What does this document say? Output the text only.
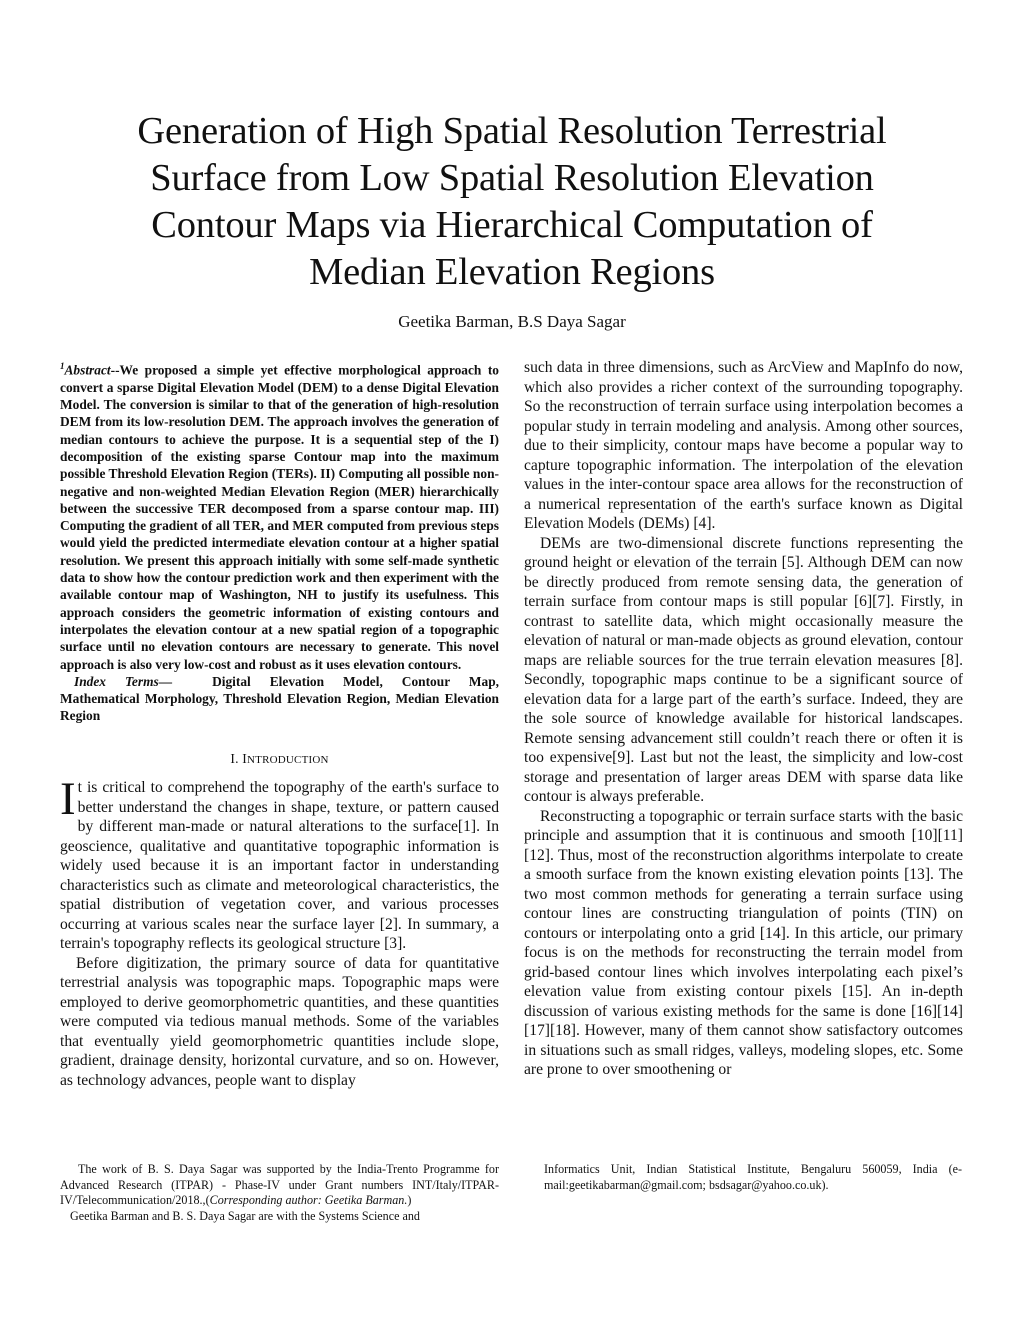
Generation of High Spatial Resolution Terrestrial
Surface from Low Spatial Resolution Elevation
Contour Maps via Hierarchical Computation of
Median Elevation Regions

Geetika Barman, B.S Daya Sagar

$^1$Abstract--We proposed a simple yet effective morphological approach to convert a sparse Digital Elevation Model (DEM) to a dense Digital Elevation Model. The conversion is similar to that of the generation of high-resolution DEM from its low-resolution DEM. The approach involves the generation of median contours to achieve the purpose. It is a sequential step of the I) decomposition of the existing sparse Contour map into the maximum possible Threshold Elevation Region (TERs). II) Computing all possible non-negative and non-weighted Median Elevation Region (MER) hierarchically between the successive TER decomposed from a sparse contour map. III) Computing the gradient of all TER, and MER computed from previous steps would yield the predicted intermediate elevation contour at a higher spatial resolution. We present this approach initially with some self-made synthetic data to show how the contour prediction work and then experiment with the available contour map of Washington, NH to justify its usefulness. This approach considers the geometric information of existing contours and interpolates the elevation contour at a new spatial region of a topographic surface until no elevation contours are necessary to generate. This novel approach is also very low-cost and robust as it uses elevation contours.

Index Terms—	Digital Elevation Model, Contour Map, Mathematical Morphology, Threshold Elevation Region, Median Elevation Region

I. INTRODUCTION

It is critical to comprehend the topography of the earth's surface to better understand the changes in shape, texture, or pattern caused by different man-made or natural alterations to the surface[1]. In geoscience, qualitative and quantitative topographic information is widely used because it is an important factor in understanding characteristics such as climate and meteorological characteristics, the spatial distribution of vegetation cover, and various processes occurring at various scales near the surface layer [2]. In summary, a terrain's topography reflects its geological structure [3].

Before digitization, the primary source of data for quantitative terrestrial analysis was topographic maps. Topographic maps were employed to derive geomorphometric quantities, and these quantities were computed via tedious manual methods. Some of the variables that eventually yield geomorphometric quantities include slope, gradient, drainage density, horizontal curvature, and so on. However, as technology advances, people want to display

such data in three dimensions, such as ArcView and MapInfo do now, which also provides a richer context of the surrounding topography. So the reconstruction of terrain surface using interpolation becomes a popular study in terrain modeling and analysis. Among other sources, due to their simplicity, contour maps have become a popular way to capture topographic information. The interpolation of the elevation values in the inter-contour space area allows for the reconstruction of a numerical representation of the earth's surface known as Digital Elevation Models (DEMs) [4].

DEMs are two-dimensional discrete functions representing the ground height or elevation of the terrain [5]. Although DEM can now be directly produced from remote sensing data, the generation of terrain surface from contour maps is still popular [6][7]. Firstly, in contrast to satellite data, which might occasionally measure the elevation of natural or man-made objects as ground elevation, contour maps are reliable sources for the true terrain elevation measures [8]. Secondly, topographic maps continue to be a significant source of elevation data for a large part of the earth’s surface. Indeed, they are the sole source of knowledge available for historical landscapes. Remote sensing advancement still couldn’t reach there or often it is too expensive[9]. Last but not the least, the simplicity and low-cost storage and presentation of larger areas DEM with sparse data like contour is always preferable.

Reconstructing a topographic or terrain surface starts with the basic principle and assumption that it is continuous and smooth [10][11][12]. Thus, most of the reconstruction algorithms interpolate to create a smooth surface from the known existing elevation points [13]. The two most common methods for generating a terrain surface using contour lines are constructing triangulation of points (TIN) on contours or interpolating onto a grid [14]. In this article, our primary focus is on the methods for reconstructing the terrain model from grid-based contour lines which involves interpolating each pixel’s elevation value from existing contour pixels [15]. An in-depth discussion of various existing methods for the same is done [16][14][17][18]. However, many of them cannot show satisfactory outcomes in situations such as small ridges, valleys, modeling slopes, etc. Some are prone to over smoothening or

The work of B. S. Daya Sagar was supported by the India-Trento Programme for Advanced Research (ITPAR) - Phase-IV under Grant numbers INT/Italy/ITPAR-IV/Telecommunication/2018.,(Corresponding author: Geetika Barman.)

Geetika Barman and B. S. Daya Sagar are with the Systems Science and

Informatics Unit, Indian Statistical Institute, Bengaluru 560059, India (e-mail:geetikabarman@gmail.com; bsdsagar@yahoo.co.uk).
